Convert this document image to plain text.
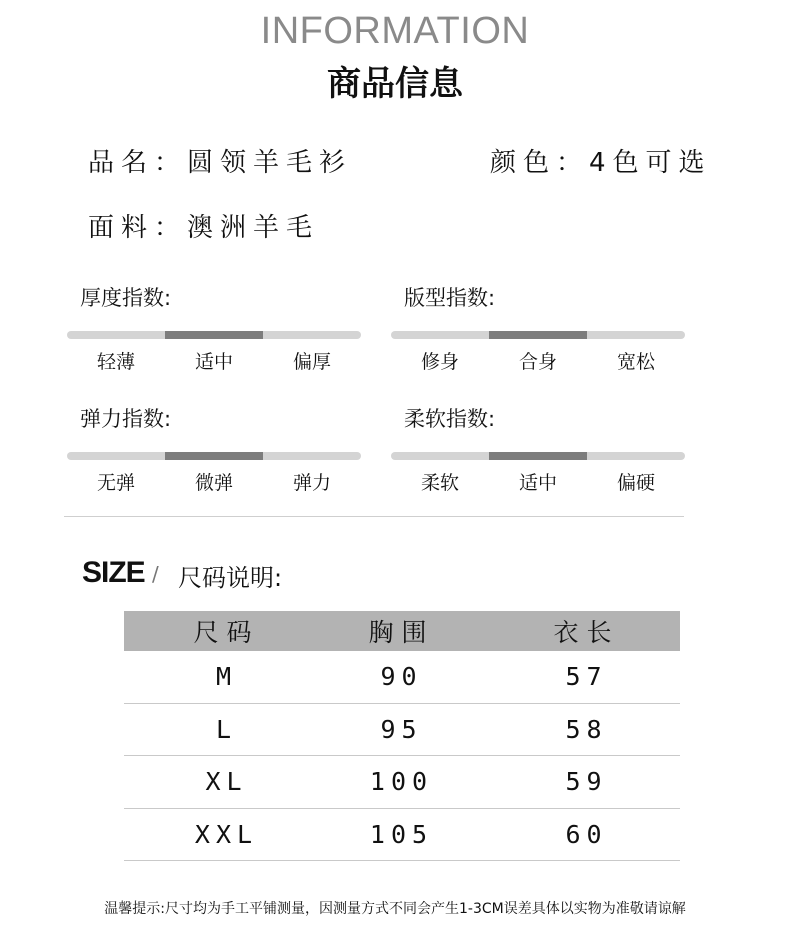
INFORMATION
商品信息
品名：圆领羊毛衫	颜色：4色可选
面料：澳洲羊毛
厚度指数:
轻薄	适中	偏厚
版型指数:
修身	合身	宽松
弹力指数:
无弹	微弹	弹力
柔软指数:
柔软	适中	偏硬
SIZE / 尺码说明:
尺码	胸围	衣长
M	90	57
L	95	58
XL	100	59
XXL	105	60
温馨提示:尺寸均为手工平铺测量，因测量方式不同会产生1-3CM误差具体以实物为准敬请谅解
